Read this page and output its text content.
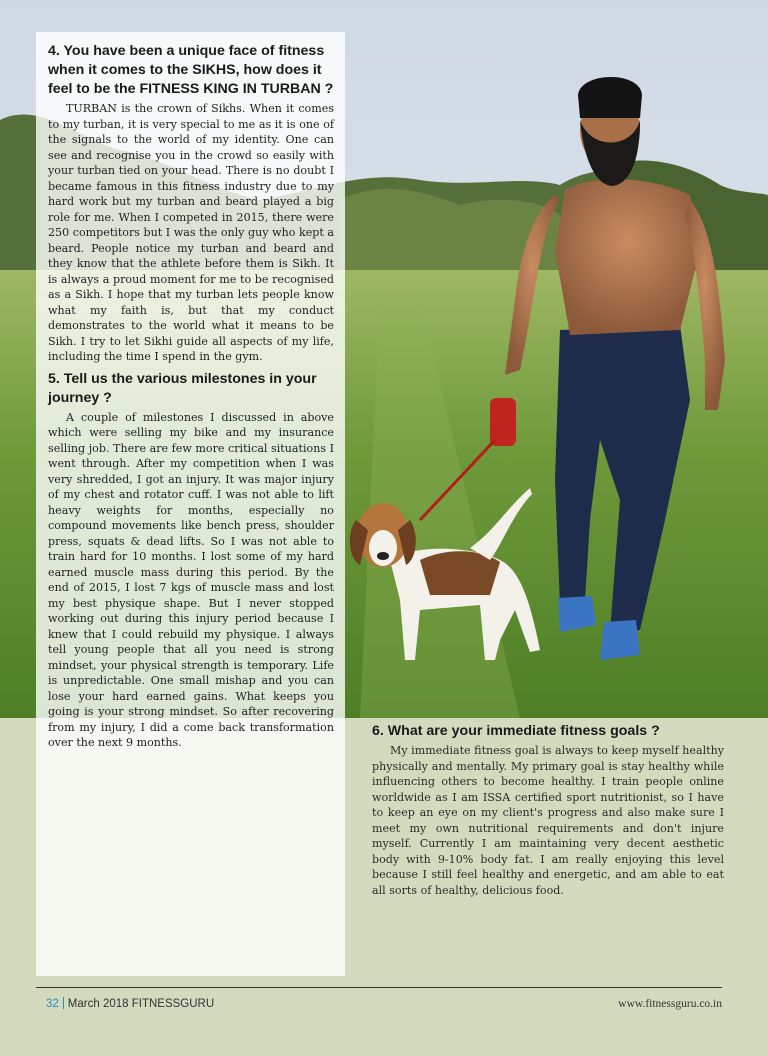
4. You have been a unique face of fitness when it comes to the SIKHS, how does it feel to be the FITNESS KING IN TURBAN ?

TURBAN is the crown of Sikhs. When it comes to my turban, it is very special to me as it is one of the signals to the world of my identity. One can see and recognise you in the crowd so easily with your turban tied on your head. There is no doubt I became famous in this fitness industry due to my hard work but my turban and beard played a big role for me. When I competed in 2015, there were 250 competitors but I was the only guy who kept a beard. People notice my turban and beard and they know that the athlete before them is Sikh. It is always a proud moment for me to be recognised as a Sikh. I hope that my turban lets people know what my faith is, but that my conduct demonstrates to the world what it means to be Sikh. I try to let Sikhi guide all aspects of my life, including the time I spend in the gym.

5. Tell us the various milestones in your journey ?

A couple of milestones I discussed in above which were selling my bike and my insurance selling job. There are few more critical situations I went through. After my competition when I was very shredded, I got an injury. It was major injury of my chest and rotator cuff. I was not able to lift heavy weights for months, especially no compound movements like bench press, shoulder press, squats & dead lifts. So I was not able to train hard for 10 months. I lost some of my hard earned muscle mass during this period. By the end of 2015, I lost 7 kgs of muscle mass and lost my best physique shape. But I never stopped working out during this injury period because I knew that I could rebuild my physique. I always tell young people that all you need is strong mindset, your physical strength is temporary. Life is unpredictable. One small mishap and you can lose your hard earned gains. What keeps you going is your strong mindset. So after recovering from my injury, I did a come back transformation over the next 9 months.

6. What are your immediate fitness goals ?

My immediate fitness goal is always to keep myself healthy physically and mentally. My primary goal is stay healthy while influencing others to become healthy. I train people online worldwide as I am ISSA certified sport nutritionist, so I have to keep an eye on my client's progress and also make sure I meet my own nutritional requirements and don't injure myself. Currently I am maintaining very decent aesthetic body with 9-10% body fat. I am really enjoying this level because I still feel healthy and energetic, and am able to eat all sorts of healthy, delicious food.

32 March 2018 FITNESSGURU	www.fitnessguru.co.in
